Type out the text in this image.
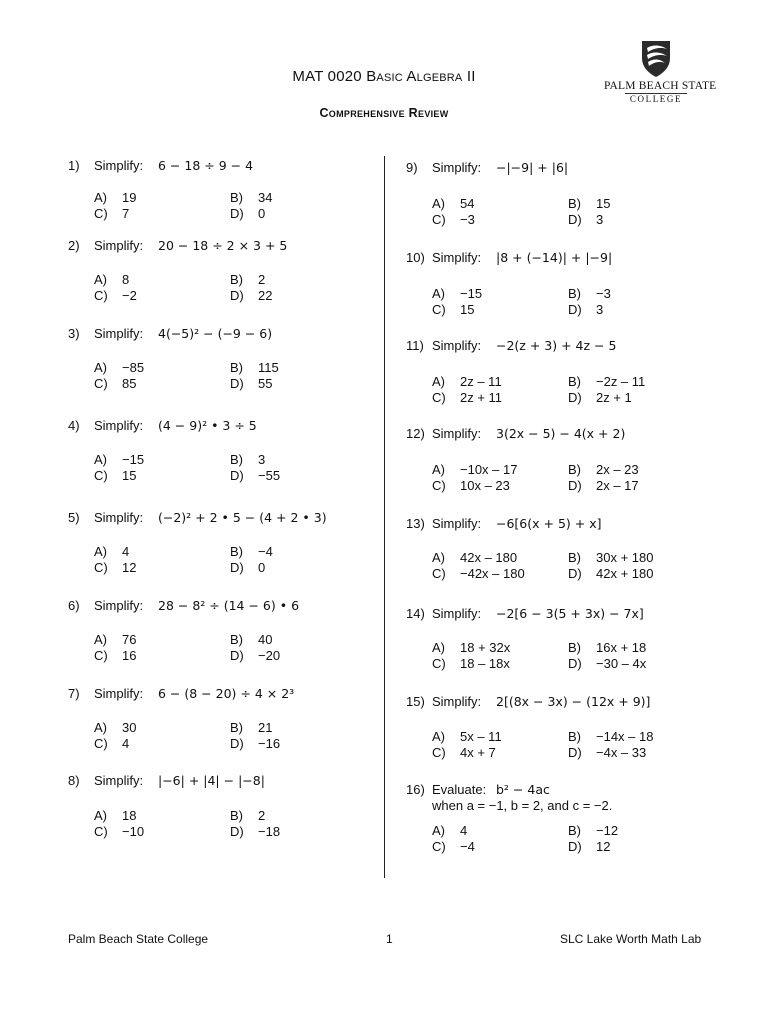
MAT 0020 Basic Algebra II
Comprehensive Review
PALM BEACH STATE
COLLEGE
1) Simplify: 6 − 18 ÷ 9 − 4
A) 19	B) 34
C) 7	D) 0
2) Simplify: 20 − 18 ÷ 2 × 3 + 5
A) 8	B) 2
C) −2	D) 22
3) Simplify: 4(−5)² − (−9 − 6)
A) −85	B) 115
C) 85	D) 55
4) Simplify: (4 − 9)² • 3 ÷ 5
A) −15	B) 3
C) 15	D) −55
5) Simplify: (−2)² + 2 • 5 − (4 + 2 • 3)
A) 4	B) −4
C) 12	D) 0
6) Simplify: 28 − 8² ÷ (14 − 6) • 6
A) 76	B) 40
C) 16	D) −20
7) Simplify: 6 − (8 − 20) ÷ 4 × 2³
A) 30	B) 21
C) 4	D) −16
8) Simplify: |−6| + |4| − |−8|
A) 18	B) 2
C) −10	D) −18
9) Simplify: −|−9| + |6|
A) 54	B) 15
C) −3	D) 3
10) Simplify: |8 + (−14)| + |−9|
A) −15	B) −3
C) 15	D) 3
11) Simplify: −2(z + 3) + 4z − 5
A) 2z – 11	B) −2z – 11
C) 2z + 11	D) 2z + 1
12) Simplify: 3(2x − 5) − 4(x + 2)
A) −10x – 17	B) 2x – 23
C) 10x – 23	D) 2x – 17
13) Simplify: −6[6(x + 5) + x]
A) 42x – 180	B) 30x + 180
C) −42x – 180	D) 42x + 180
14) Simplify: −2[6 − 3(5 + 3x) − 7x]
A) 18 + 32x	B) 16x + 18
C) 18 – 18x	D) −30 – 4x
15) Simplify: 2[(8x − 3x) − (12x + 9)]
A) 5x – 11	B) −14x – 18
C) 4x + 7	D) −4x – 33
16) Evaluate: b² − 4ac
when a = −1, b = 2, and c = −2.
A) 4	B) −12
C) −4	D) 12
Palm Beach State College	1	SLC Lake Worth Math Lab
